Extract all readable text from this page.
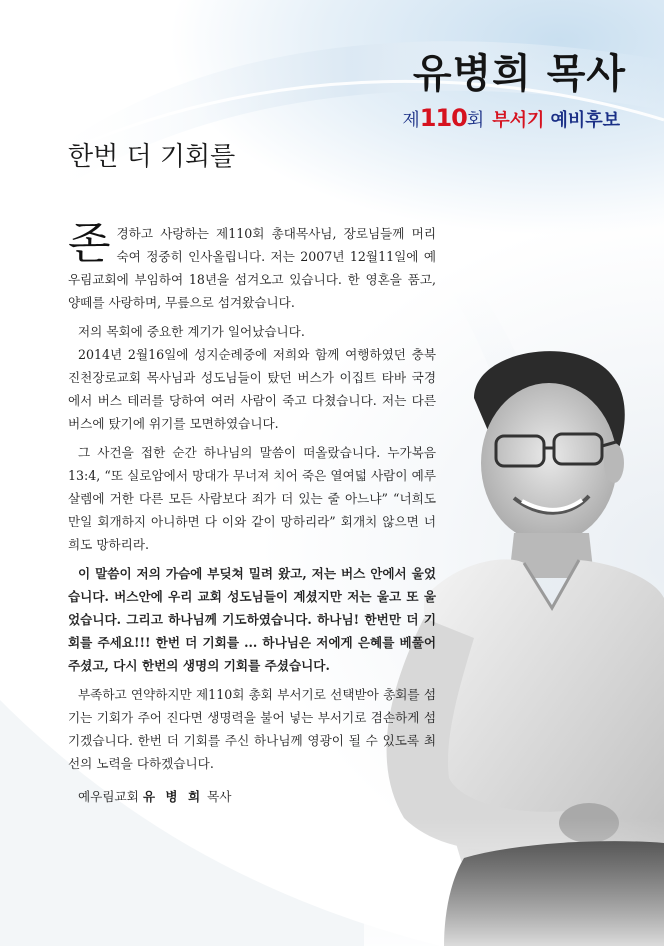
유병희 목사
제110회 부서기 예비후보
한번 더 기회를

존경하고 사랑하는 제110회 총대목사님, 장로님들께 머리 숙여 정중히 인사올립니다. 저는 2007년 12월11일에 예우림교회에 부임하여 18년을 섬겨오고 있습니다. 한 영혼을 품고, 양떼를 사랑하며, 무릎으로 섬겨왔습니다.

저의 목회에 중요한 계기가 일어났습니다.

2014년 2월16일에 성지순례중에 저희와 함께 여행하였던 충북 진천장로교회 목사님과 성도님들이 탔던 버스가 이집트 타바 국경에서 버스 테러를 당하여 여러 사람이 죽고 다쳤습니다. 저는 다른 버스에 탔기에 위기를 모면하였습니다.

그 사건을 접한 순간 하나님의 말씀이 떠올랐습니다. 누가복음 13:4, “또 실로암에서 망대가 무너져 치어 죽은 열여덟 사람이 예루살렘에 거한 다른 모든 사람보다 죄가 더 있는 줄 아느냐” “너희도 만일 회개하지 아니하면 다 이와 같이 망하리라” 회개치 않으면 너희도 망하리라.

이 말씀이 저의 가슴에 부딪쳐 밀려 왔고, 저는 버스 안에서 울었습니다. 버스안에 우리 교회 성도님들이 계셨지만 저는 울고 또 울었습니다. 그리고 하나님께 기도하였습니다. 하나님! 한번만 더 기회를 주세요!!! 한번 더 기회를 ... 하나님은 저에게 은혜를 베풀어 주셨고, 다시 한번의 생명의 기회를 주셨습니다.

부족하고 연약하지만 제110회 총회 부서기로 선택받아 총회를 섬기는 기회가 주어 진다면 생명력을 불어 넣는 부서기로 겸손하게 섬기겠습니다. 한번 더 기회를 주신 하나님께 영광이 될 수 있도록 최선의 노력을 다하겠습니다.

예우림교회 유 병 희 목사
